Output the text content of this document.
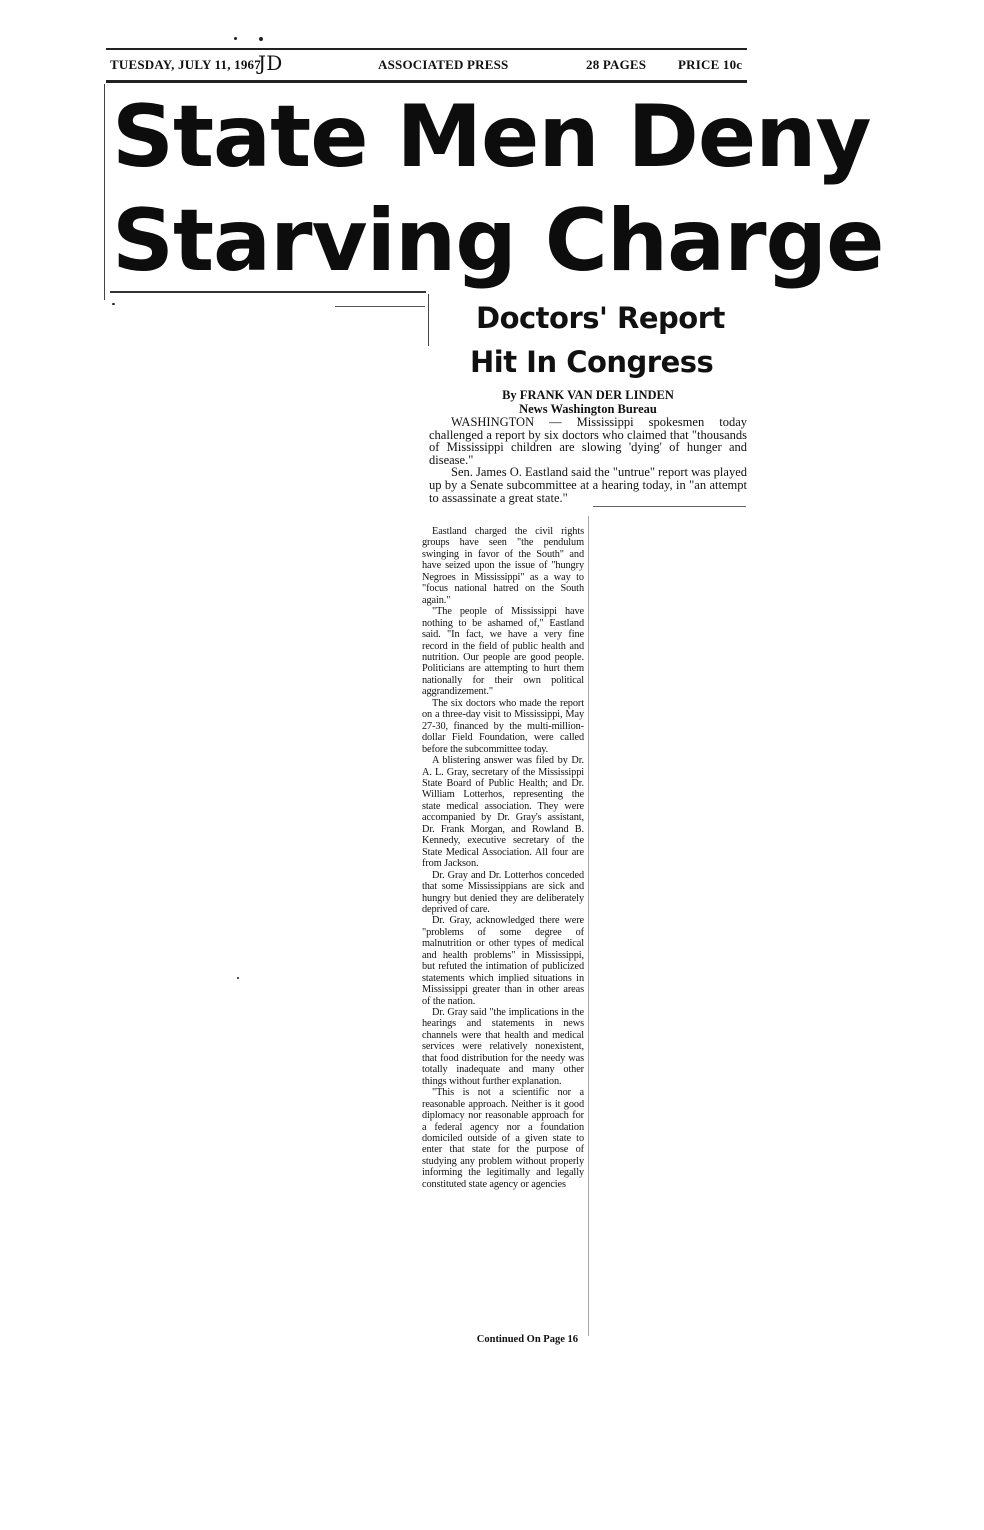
TUESDAY, JULY 11, 1967
JD	ASSOCIATED PRESS	28 PAGES PRICE 10c
State Men Deny
Starving Charge
Doctors' Report
Hit In Congress
By FRANK VAN DER LINDEN
News Washington Bureau

WASHINGTON — Mississippi spokesmen today challenged a report by six doctors who claimed that "thousands of Mississippi children are slowing 'dying' of hunger and disease."

Sen. James O. Eastland said the "untrue" report was played up by a Senate subcommittee at a hearing today, in "an attempt to assassinate a great state."

Eastland charged the civil rights groups have seen "the pendulum swinging in favor of the South" and have seized upon the issue of "hungry Negroes in Mississippi" as a way to "focus national hatred on the South again."

"The people of Mississippi have nothing to be ashamed of," Eastland said. "In fact, we have a very fine record in the field of public health and nutrition. Our people are good people. Politicians are attempting to hurt them nationally for their own political aggrandizement."

The six doctors who made the report on a three-day visit to Mississippi, May 27-30, financed by the multi-million-dollar Field Foundation, were called before the subcommittee today.

A blistering answer was filed by Dr. A. L. Gray, secretary of the Mississippi State Board of Public Health; and Dr. William Lotterhos, representing the state medical association. They were accompanied by Dr. Gray's assistant, Dr. Frank Morgan, and Rowland B. Kennedy, executive secretary of the State Medical Association. All four are from Jackson.

Dr. Gray and Dr. Lotterhos conceded that some Mississippians are sick and hungry but denied they are deliberately deprived of care.

Dr. Gray, acknowledged there were "problems of some degree of malnutrition or other types of medical and health problems" in Mississippi, but refuted the intimation of publicized statements which implied situations in Mississippi greater than in other areas of the nation.

Dr. Gray said "the implications in the hearings and statements in news channels were that health and medical services were relatively nonexistent, that food distribution for the needy was totally inadequate and many other things without further explanation.

"This is not a scientific nor a reasonable approach. Neither is it good diplomacy nor reasonable approach for a federal agency nor a foundation domiciled outside of a given state to enter that state for the purpose of studying any problem without properly informing the legitimally and legally constituted state agency or agencies

Continued On Page 16
